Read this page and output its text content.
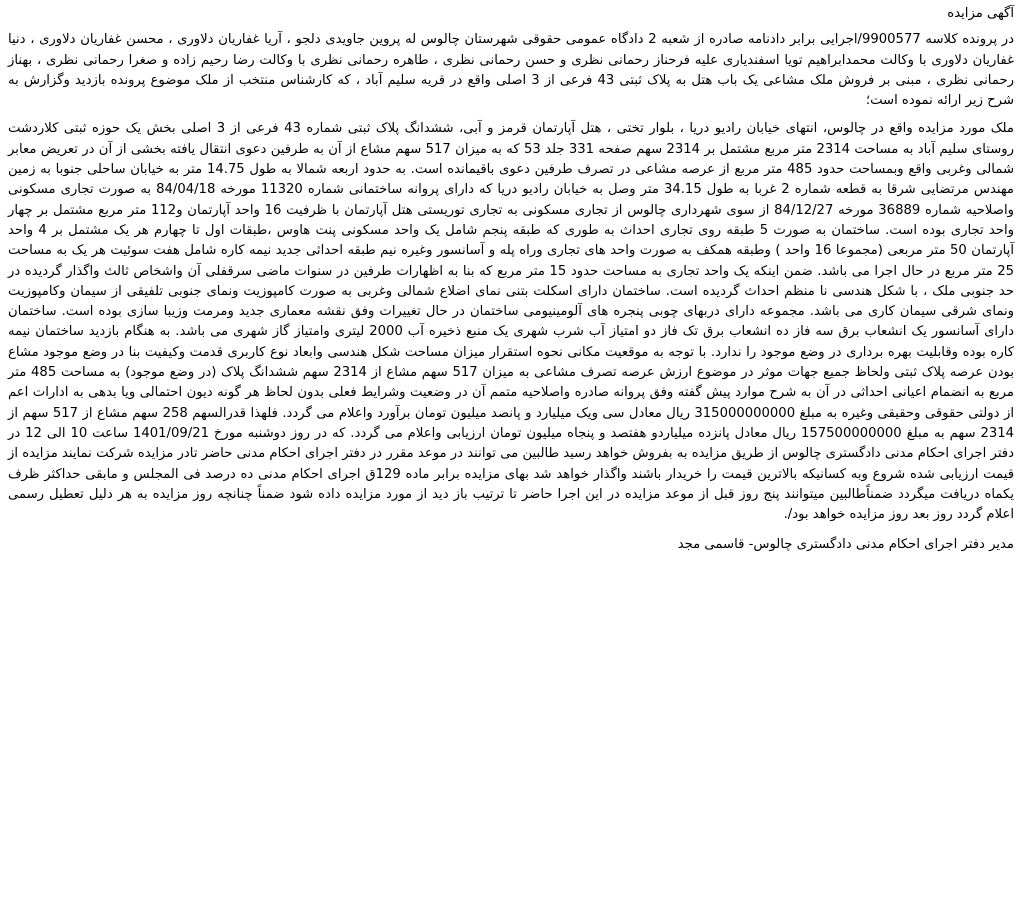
آگهی مزایده

در پرونده کلاسه 9900577/اجرایی برابر دادنامه صادره از شعبه 2 دادگاه عمومی حقوقی شهرستان چالوس له پروین جاویدی دلجو ، آریا غفاریان دلاوری ، محسن غفاریان دلاوری ، دنیا غفاریان دلاوری با وکالت محمدابراهیم تویا اسفندیاری علیه فرحناز رحمانی نظری و حسن رحمانی نظری ، طاهره رحمانی نظری با وکالت رضا رحیم زاده و صغرا رحمانی نظری ، بهناز رحمانی نظری ، مبنی بر فروش ملک مشاعی یک باب هتل به پلاک ثبتی 43 فرعی از 3 اصلی واقع در قریه سلیم آباد ، که کارشناس منتخب از ملک موضوع پرونده بازدید وگزارش به شرح زیر ارائه نموده است؛

ملک مورد مزایده واقع در چالوس، انتهای خیابان رادیو دریا ، بلوار تختی ، هتل آپارتمان قرمز و آبی، ششدانگ پلاک ثبتی شماره 43 فرعی از 3 اصلی بخش یک حوزه ثبتی کلاردشت روستای سلیم آباد به مساحت 2314 متر مربع مشتمل بر 2314 سهم صفحه 331 جلد 53 که به میزان 517 سهم مشاع از آن به طرفین دعوی انتقال یافته بخشی از آن در تعریض معابر شمالی وغربی واقع وبمساحت حدود 485 متر مربع از عرصه مشاعی در تصرف طرفین دعوی باقیمانده است. به حدود اربعه شمالا به طول 14.75 متر به خیابان ساحلی جنوبا به زمین مهندس مرتضایی شرقا به قطعه شماره 2 غربا به طول 34.15 متر وصل به خیابان رادیو دریا که دارای پروانه ساختمانی شماره 11320 مورخه 84/04/18 به صورت تجاری مسکونی واصلاحیه شماره 36889 مورخه 84/12/27 از سوی شهرداری چالوس از تجاری مسکونی به تجاری توریستی هتل آپارتمان با ظرفیت 16 واحد آپارتمان و112 متر مربع مشتمل بر چهار واحد تجاری بوده است. ساختمان به صورت 5 طبقه روی تجاری احداث به طوری که طبقه پنجم شامل یک واحد مسکونی پنت هاوس ،طبقات اول تا چهارم هر یک مشتمل بر 4 واحد آپارتمان 50 متر مربعی (مجموعا 16 واحد ) وطبقه همکف به صورت واحد های تجاری وراه پله و آسانسور وغیره نیم طبقه احداثی جدید نیمه کاره شامل هفت سوئیت هر یک به مساحت 25 متر مربع در حال اجرا می باشد. ضمن اینکه یک واحد تجاری به مساحت حدود 15 متر مربع که بنا به اظهارات طرفین در سنوات ماضی سرقفلی آن واشخاص ثالث واگذار گردیده در حد جنوبی ملک ، با شکل هندسی نا منظم احداث گردیده است. ساختمان دارای اسکلت بتنی نمای اضلاع شمالی وغربی به صورت کامپوزیت ونمای جنوبی تلفیقی از سیمان وکامپوزیت ونمای شرقی سیمان کاری می باشد. مجموعه دارای دربهای چوبی پنجره های آلومینیومی ساختمان در حال تغییرات وفق نقشه معماری جدید ومرمت وزیبا سازی بوده است. ساختمان دارای آسانسور یک انشعاب برق سه فاز ده انشعاب برق تک فاز دو امتیاز آب شرب شهری یک منبع ذخیره آب 2000 لیتری وامتیاز گاز شهری می باشد. به هنگام بازدید ساختمان نیمه کاره بوده وقابلیت بهره برداری در وضع موجود را ندارد. با توجه به موقعیت مکانی نحوه استقرار میزان مساحت شکل هندسی وابعاد نوع کاربری قدمت وکیفیت بنا در وضع موجود مشاع بودن عرصه پلاک ثبتی ولحاظ جمیع جهات موثر در موضوع ارزش عرصه تصرف مشاعی به میزان 517 سهم مشاع از 2314 سهم ششدانگ پلاک (در وضع موجود) به مساحت 485 متر مربع به انضمام اعیانی احداثی در آن به شرح موارد پیش گفته وفق پروانه صادره واصلاحیه متمم آن در وضعیت وشرایط فعلی بدون لحاظ هر گونه دیون احتمالی ویا بدهی به ادارات اعم از دولتی حقوقی وحقیقی وغیره به مبلغ 315000000000 ریال معادل سی ویک میلیارد و پانصد میلیون تومان برآورد واعلام می گردد. فلهذا قدرالسهم 258 سهم مشاع از 517 سهم از 2314 سهم به مبلغ 157500000000 ریال معادل پانزده میلیاردو هفتصد و پنجاه میلیون تومان ارزیابی واعلام می گردد. که در روز دوشنبه مورخ 1401/09/21 ساعت 10 الی 12 در دفتر اجرای احکام مدنی دادگستری چالوس از طریق مزایده به بفروش خواهد رسید طالبین می توانند در موعد مقرر در دفتر اجرای احکام مدنی حاضر تادر مزایده شرکت نمایند مزایده از قیمت ارزیابی شده شروع وبه کسانیکه بالاترین قیمت را خریدار باشند واگذار خواهد شد بهای مزایده برابر ماده 129ق اجرای احکام مدنی ده درصد فی المجلس و مابقی حداکثر ظرف یکماه دریافت میگردد ضمناًطالبین میتوانند پنج روز قبل از موعد مزایده در این اجرا حاضر تا ترتیب باز دید از مورد مزایده داده شود ضمناً چنانچه روز مزایده به هر دلیل تعطیل رسمی اعلام گردد روز بعد روز مزایده خواهد بود/.

مدیر دفتر اجرای احکام مدنی دادگستری چالوس- قاسمی مجد
